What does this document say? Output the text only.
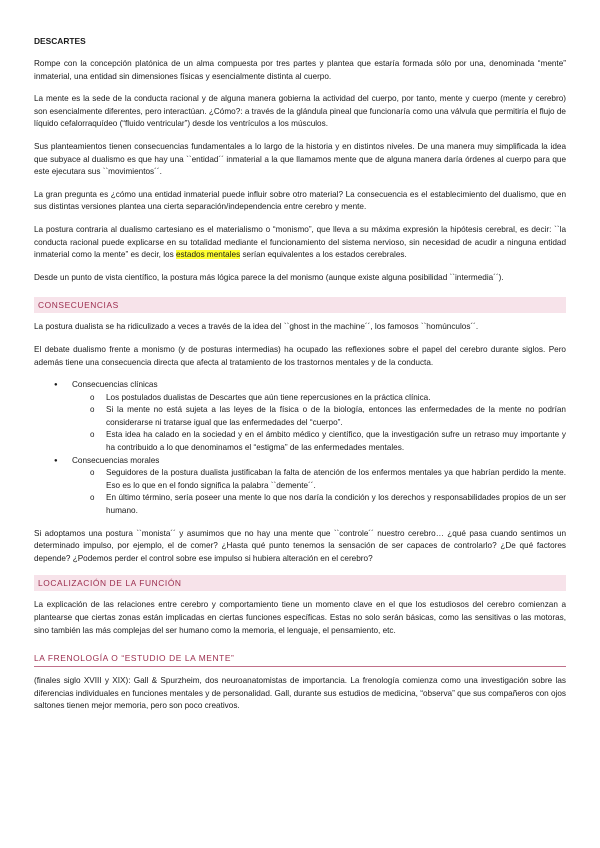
DESCARTES

Rompe con la concepción platónica de un alma compuesta por tres partes y plantea que estaría formada sólo por una, denominada “mente” inmaterial, una entidad sin dimensiones físicas y esencialmente distinta al cuerpo.

La mente es la sede de la conducta racional y de alguna manera gobierna la actividad del cuerpo, por tanto, mente y cuerpo (mente y cerebro) son esencialmente diferentes, pero interactúan. ¿Cómo?: a través de la glándula pineal que funcionaría como una válvula que permitiría el flujo de líquido cefalorraquídeo (“fluido ventricular”) desde los ventrículos a los músculos.

Sus planteamientos tienen consecuencias fundamentales a lo largo de la historia y en distintos niveles. De una manera muy simplificada la idea que subyace al dualismo es que hay una ``entidad´´ inmaterial a la que llamamos mente que de alguna manera daría órdenes al cuerpo para que este ejecutara sus ``movimientos´´.

La gran pregunta es ¿cómo una entidad inmaterial puede influir sobre otro material? La consecuencia es el establecimiento del dualismo, que en sus distintas versiones plantea una cierta separación/independencia entre cerebro y mente.

La postura contraria al dualismo cartesiano es el materialismo o “monismo”, que lleva a su máxima expresión la hipótesis cerebral, es decir: ``la conducta racional puede explicarse en su totalidad mediante el funcionamiento del sistema nervioso, sin necesidad de acudir a ninguna entidad inmaterial como la mente” es decir, los estados mentales serían equivalentes a los estados cerebrales.

Desde un punto de vista científico, la postura más lógica parece la del monismo (aunque existe alguna posibilidad ``intermedia´´).

CONSECUENCIAS

La postura dualista se ha ridiculizado a veces a través de la idea del ``ghost in the machine´´, los famosos ``homúnculos´´.

El debate dualismo frente a monismo (y de posturas intermedias) ha ocupado las reflexiones sobre el papel del cerebro durante siglos. Pero además tiene una consecuencia directa que afecta al tratamiento de los trastornos mentales y de la conducta.

● Consecuencias clínicas
o Los postulados dualistas de Descartes que aún tiene repercusiones en la práctica clínica.
o Si la mente no está sujeta a las leyes de la física o de la biología, entonces las enfermedades de la mente no podrían considerarse ni tratarse igual que las enfermedades del “cuerpo”.
o Esta idea ha calado en la sociedad y en el ámbito médico y científico, que la investigación sufre un retraso muy importante y ha contribuido a lo que denominamos el “estigma” de las enfermedades mentales.
● Consecuencias morales
o Seguidores de la postura dualista justificaban la falta de atención de los enfermos mentales ya que habrían perdido la mente. Eso es lo que en el fondo significa la palabra ``demente´´.
o En último término, sería poseer una mente lo que nos daría la condición y los derechos y responsabilidades propios de un ser humano.

Si adoptamos una postura ``monista´´ y asumimos que no hay una mente que ``controle´´ nuestro cerebro… ¿qué pasa cuando sentimos un determinado impulso, por ejemplo, el de comer? ¿Hasta qué punto tenemos la sensación de ser capaces de controlarlo? ¿De qué factores depende? ¿Podemos perder el control sobre ese impulso si hubiera alteración en el cerebro?

LOCALIZACIÓN DE LA FUNCIÓN

La explicación de las relaciones entre cerebro y comportamiento tiene un momento clave en el que los estudiosos del cerebro comienzan a plantearse que ciertas zonas están implicadas en ciertas funciones específicas. Estas no solo serán básicas, como las sensitivas o las motoras, sino también las más complejas del ser humano como la memoria, el lenguaje, el pensamiento, etc.

LA FRENOLOGÍA O “ESTUDIO DE LA MENTE”

(finales siglo XVIII y XIX): Gall & Spurzheim, dos neuroanatomistas de importancia. La frenología comienza como una investigación sobre las diferencias individuales en funciones mentales y de personalidad. Gall, durante sus estudios de medicina, “observa” que sus compañeros con ojos saltones tienen mejor memoria, pero son poco creativos.
